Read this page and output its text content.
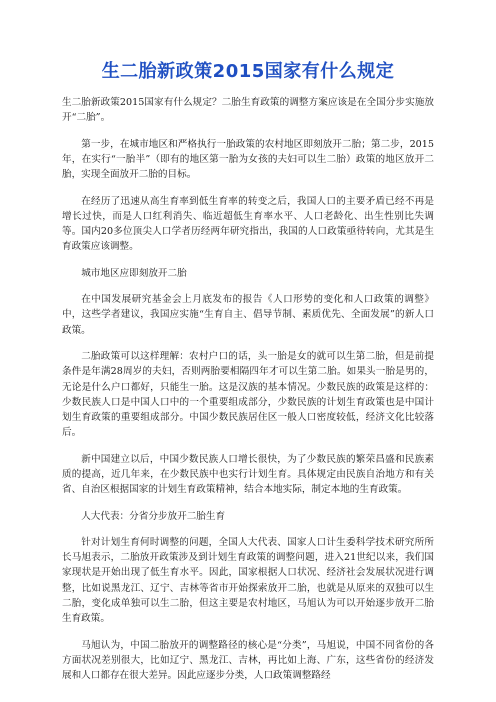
生二胎新政策2015国家有什么规定

生二胎新政策2015国家有什么规定？二胎生育政策的调整方案应该是在全国分步实施放开“二胎”。

第一步，在城市地区和严格执行一胎政策的农村地区即刻放开二胎；第二步，2015年，在实行“一胎半”（即有的地区第一胎为女孩的夫妇可以生二胎）政策的地区放开二胎，实现全面放开二胎的目标。

在经历了迅速从高生育率到低生育率的转变之后，我国人口的主要矛盾已经不再是增长过快，而是人口红利消失、临近超低生育率水平、人口老龄化、出生性别比失调等。国内20多位顶尖人口学者历经两年研究指出，我国的人口政策亟待转向，尤其是生育政策应该调整。

城市地区应即刻放开二胎

在中国发展研究基金会上月底发布的报告《人口形势的变化和人口政策的调整》中，这些学者建议，我国应实施“生育自主、倡导节制、素质优先、全面发展”的新人口政策。

二胎政策可以这样理解：农村户口的话，头一胎是女的就可以生第二胎，但是前提条件是年满28周岁的夫妇，否则两胎要相隔四年才可以生第二胎。如果头一胎是男的，无论是什么户口都好，只能生一胎。这是汉族的基本情况。少数民族的政策是这样的：少数民族人口是中国人口中的一个重要组成部分，少数民族的计划生育政策也是中国计划生育政策的重要组成部分。中国少数民族居住区一般人口密度较低，经济文化比较落后。

新中国建立以后，中国少数民族人口增长很快，为了少数民族的繁荣昌盛和民族素质的提高，近几年来，在少数民族中也实行计划生育。具体规定由民族自治地方和有关省、自治区根据国家的计划生育政策精神，结合本地实际，制定本地的生育政策。

人大代表：分省分步放开二胎生育

针对计划生育何时调整的问题，全国人大代表、国家人口计生委科学技术研究所所长马旭表示，二胎放开政策涉及到计划生育政策的调整问题，进入21世纪以来，我们国家现状是开始出现了低生育水平。因此，国家根据人口状况、经济社会发展状况进行调整，比如说黑龙江、辽宁、吉林等省市开始探索放开二胎，也就是从原来的双独可以生二胎，变化成单独可以生二胎，但这主要是农村地区，马旭认为可以开始逐步放开二胎生育政策。

马旭认为，中国二胎放开的调整路径的核心是“分类”，马旭说，中国不同省份的各方面状况差别很大，比如辽宁、黑龙江、吉林，再比如上海、广东，这些省份的经济发展和人口都存在很大差异。因此应逐步分类，人口政策调整路经
